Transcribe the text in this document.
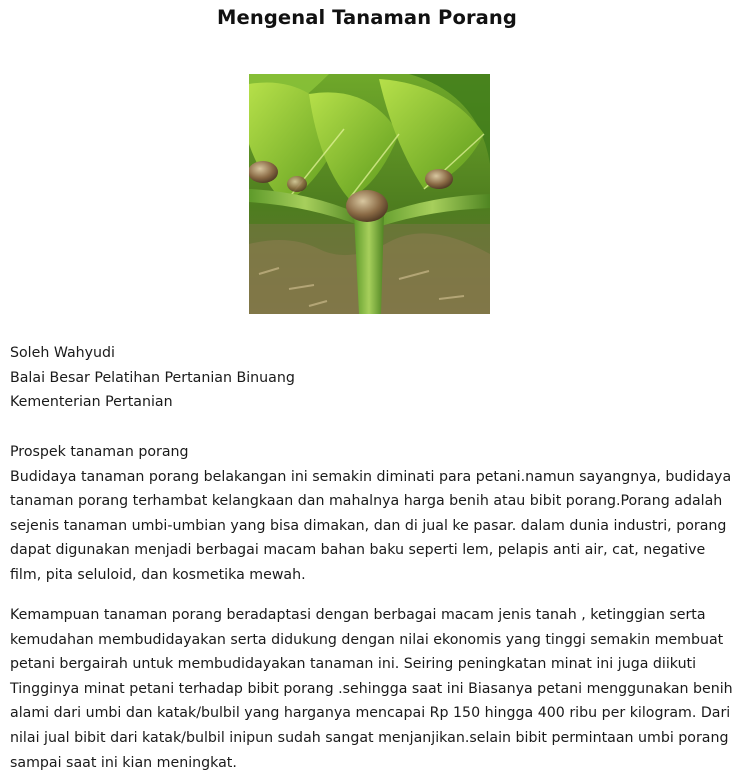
Mengenal Tanaman Porang
Soleh Wahyudi
Balai Besar Pelatihan Pertanian Binuang
Kementerian Pertanian
Prospek tanaman porang
Budidaya tanaman porang belakangan ini semakin diminati para petani.namun sayangnya, budidaya
tanaman porang terhambat kelangkaan dan mahalnya harga benih atau bibit porang.Porang adalah
sejenis tanaman umbi-umbian yang bisa dimakan, dan di jual ke pasar. dalam dunia industri, porang
dapat digunakan menjadi berbagai macam bahan baku seperti lem, pelapis anti air, cat, negative
film, pita seluloid, dan kosmetika mewah.
Kemampuan tanaman porang beradaptasi dengan berbagai macam jenis tanah , ketinggian serta
kemudahan membudidayakan serta didukung dengan nilai ekonomis yang tinggi semakin membuat
petani bergairah untuk membudidayakan tanaman ini. Seiring peningkatan minat ini juga diikuti
Tingginya minat petani terhadap bibit porang .sehingga saat ini Biasanya petani menggunakan benih
alami dari umbi dan katak/bulbil yang harganya mencapai Rp 150 hingga 400 ribu per kilogram. Dari
nilai jual bibit dari katak/bulbil inipun sudah sangat menjanjikan.selain bibit permintaan umbi porang
sampai saat ini kian meningkat.
